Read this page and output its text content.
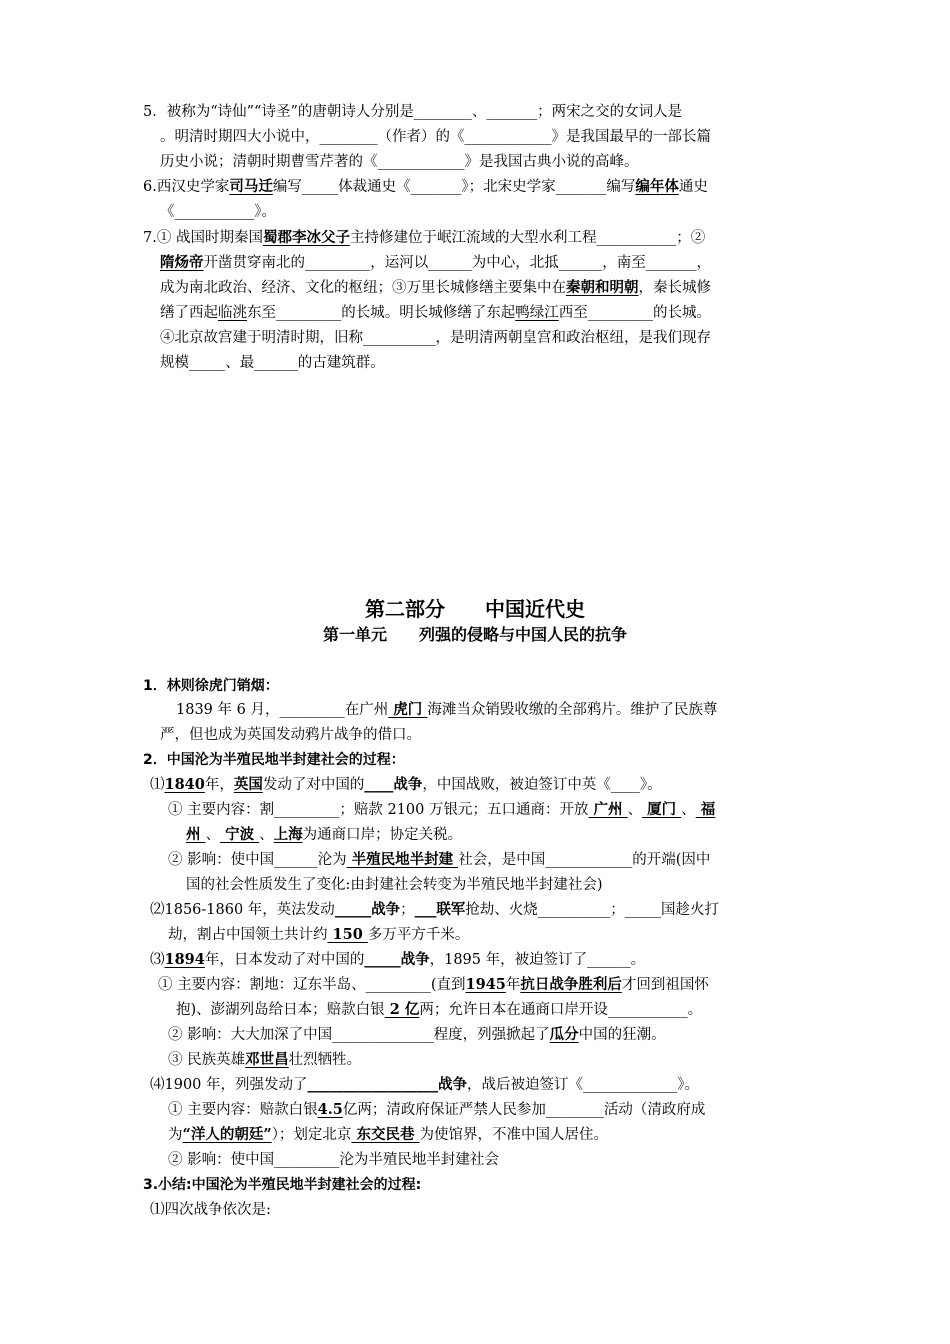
5．被称为“诗仙”“诗圣”的唐朝诗人分别是________、_______；两宋之交的女词人是
。明清时期四大小说中，________（作者）的《____________》是我国最早的一部长篇
历史小说；清朝时期曹雪芹著的《____________》是我国古典小说的高峰。
6.西汉史学家司马迁编写_____体裁通史《_______》；北宋史学家_______编写编年体通史
《___________》。
7.① 战国时期秦国蜀郡李冰父子主持修建位于岷江流域的大型水利工程___________；②
隋炀帝开凿贯穿南北的_________，运河以______为中心，北抵______，南至_______，
成为南北政治、经济、文化的枢纽；③万里长城修缮主要集中在秦朝和明朝，秦长城修
缮了西起临洮东至_________的长城。明长城修缮了东起鸭绿江西至_________的长城。
④北京故宫建于明清时期，旧称__________，是明清两朝皇宫和政治枢纽，是我们现存
规模_____、最______的古建筑群。
第二部分　　中国近代史
第一单元　　列强的侵略与中国人民的抗争
1．林则徐虎门销烟：
1839 年 6 月，_________在广州 虎门 海滩当众销毁收缴的全部鸦片。维护了民族尊
严，但也成为英国发动鸦片战争的借口。
2．中国沦为半殖民地半封建社会的过程：
⑴1840年，英国发动了对中国的____战争，中国战败，被迫签订中英《____》。
① 主要内容：割_________；赔款 2100 万银元；五口通商：开放 广州 、 厦门 、 福
州 、 宁波 、上海为通商口岸；协定关税。
② 影响：使中国______沦为 半殖民地半封建 社会，是中国____________的开端(因中
国的社会性质发生了变化:由封建社会转变为半殖民地半封建社会)
⑵1856-1860 年，英法发动_____战争；___联军抢劫、火烧__________；_____国趁火打
劫，割占中国领土共计约 150 多万平方千米。
⑶1894年，日本发动了对中国的_____战争，1895 年，被迫签订了______。
① 主要内容：割地：辽东半岛、_________(直到1945年抗日战争胜利后才回到祖国怀
抱)、澎湖列岛给日本；赔款白银 2 亿两；允许日本在通商口岸开设___________。
② 影响：大大加深了中国______________程度，列强掀起了瓜分中国的狂潮。
③ 民族英雄邓世昌壮烈牺牲。
⑷1900 年，列强发动了__________________战争，战后被迫签订《_____________》。
① 主要内容：赔款白银4.5亿两；清政府保证严禁人民参加________活动（清政府成
为“洋人的朝廷”）；划定北京 东交民巷 为使馆界，不准中国人居住。
② 影响：使中国_________沦为半殖民地半封建社会
3.小结:中国沦为半殖民地半封建社会的过程:
⑴四次战争依次是:
